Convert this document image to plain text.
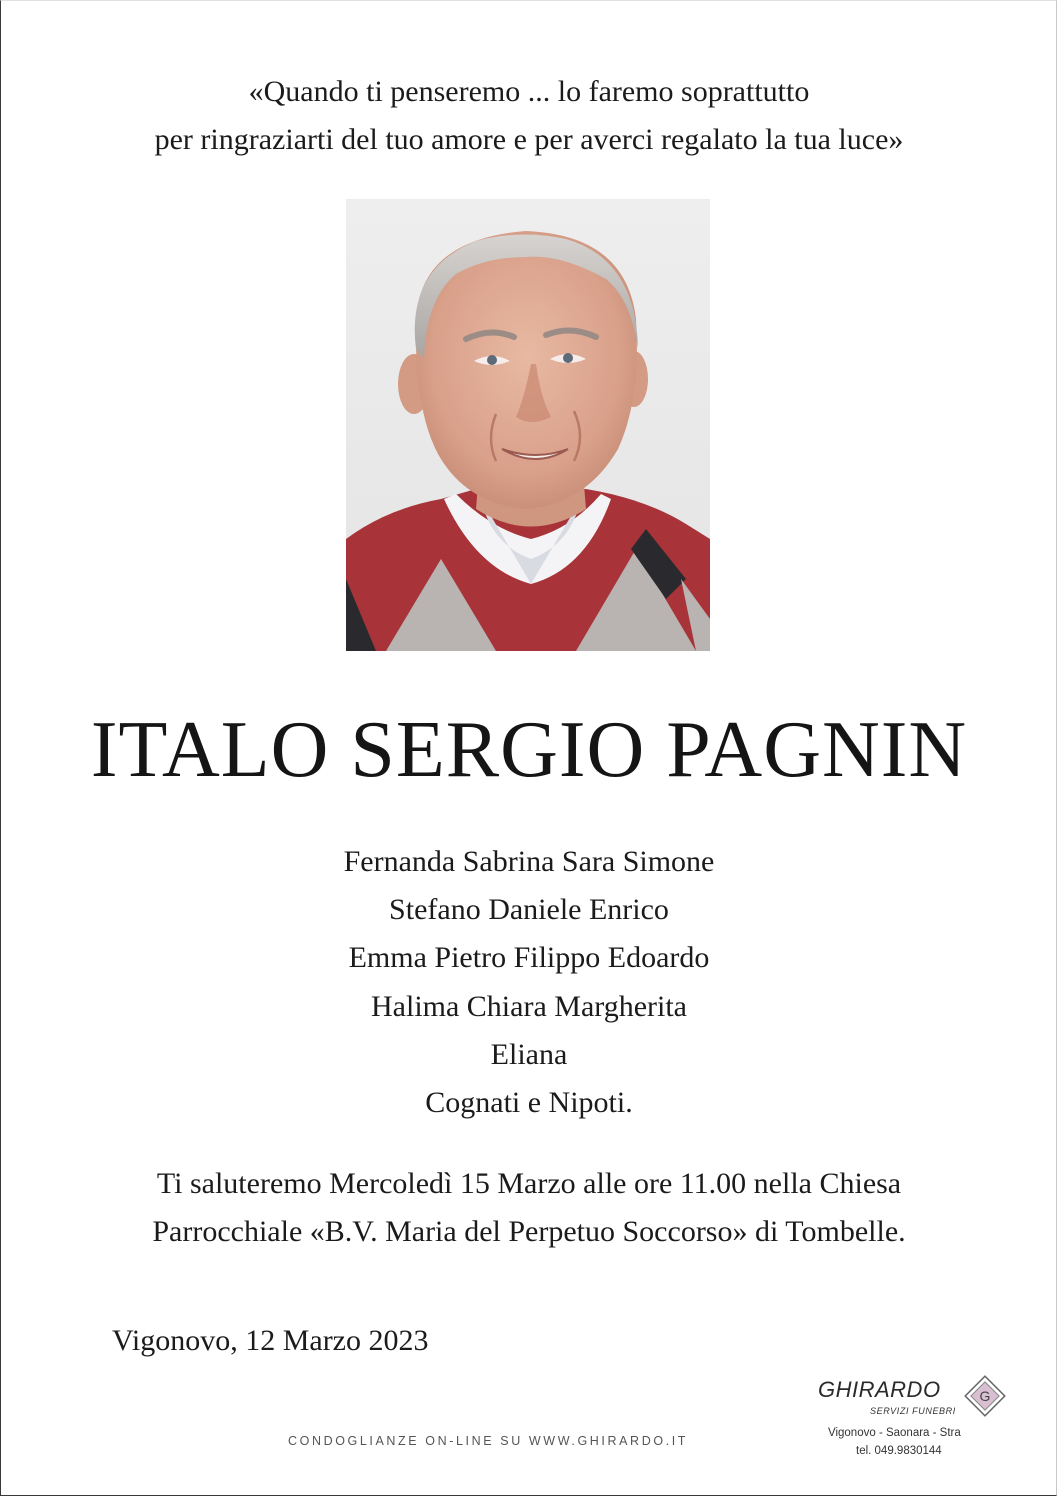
«Quando ti penseremo ... lo faremo soprattutto
per ringraziarti del tuo amore e per averci regalato la tua luce»
ITALO SERGIO PAGNIN
Fernanda Sabrina Sara Simone
Stefano Daniele Enrico
Emma Pietro Filippo Edoardo
Halima Chiara Margherita
Eliana
Cognati e Nipoti.
Ti saluteremo Mercoledì 15 Marzo alle ore 11.00 nella Chiesa
Parrocchiale «B.V. Maria del Perpetuo Soccorso» di Tombelle.
Vigonovo, 12 Marzo 2023
CONDOGLIANZE ON-LINE SU WWW.GHIRARDO.IT
GHIRARDO
SERVIZI FUNEBRI
G
Vigonovo - Saonara - Stra
tel. 049.9830144
